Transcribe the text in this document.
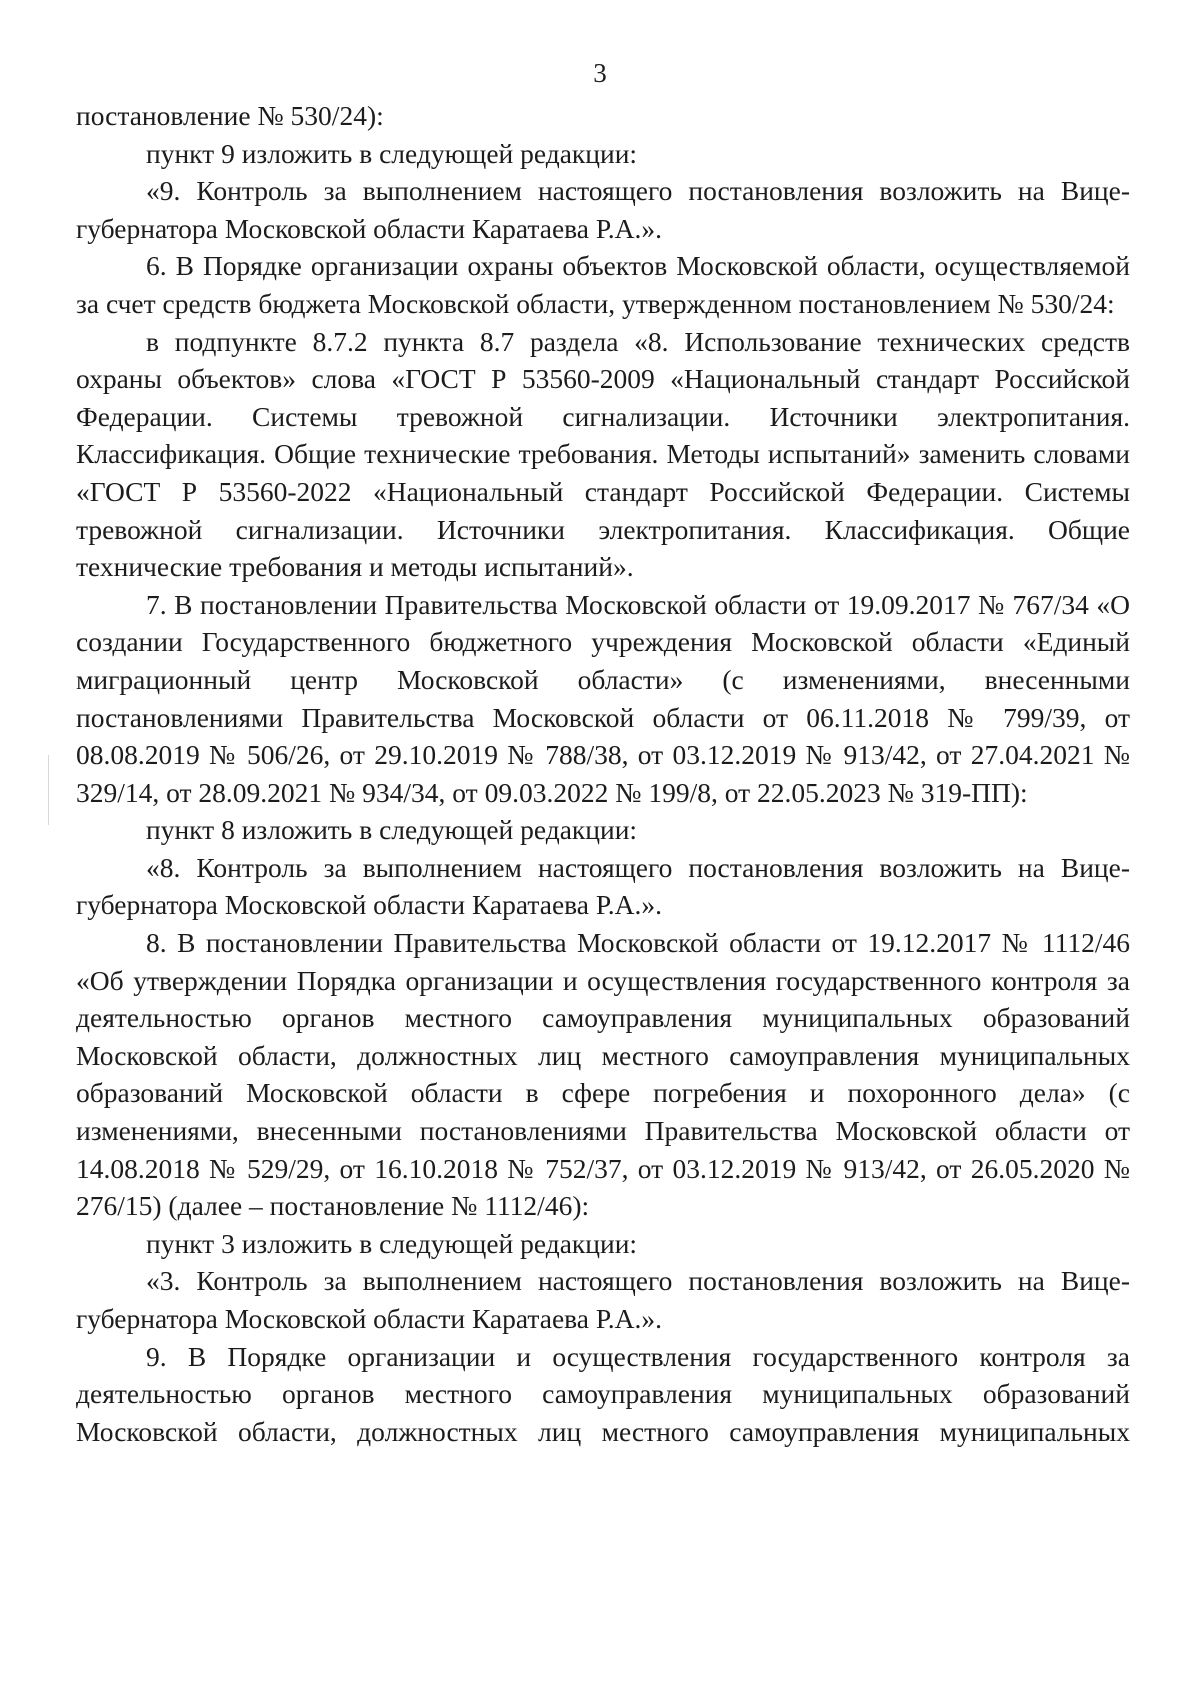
3

постановление № 530/24):

пункт 9 изложить в следующей редакции:

«9. Контроль за выполнением настоящего постановления возложить на Вице-губернатора Московской области Каратаева Р.А.».

6. В Порядке организации охраны объектов Московской области, осуществляемой за счет средств бюджета Московской области, утвержденном постановлением № 530/24:

в подпункте 8.7.2 пункта 8.7 раздела «8. Использование технических средств охраны объектов» слова «ГОСТ Р 53560-2009 «Национальный стандарт Российской Федерации. Системы тревожной сигнализации. Источники электропитания. Классификация. Общие технические требования. Методы испытаний» заменить словами «ГОСТ Р 53560-2022 «Национальный стандарт Российской Федерации. Системы тревожной сигнализации. Источники электропитания. Классификация. Общие технические требования и методы испытаний».

7. В постановлении Правительства Московской области от 19.09.2017 № 767/34 «О создании Государственного бюджетного учреждения Московской области «Единый миграционный центр Московской области» (с изменениями, внесенными постановлениями Правительства Московской области от 06.11.2018 № 799/39, от 08.08.2019 № 506/26, от 29.10.2019 № 788/38, от 03.12.2019 № 913/42, от 27.04.2021 № 329/14, от 28.09.2021 № 934/34, от 09.03.2022 № 199/8, от 22.05.2023 № 319-ПП):

пункт 8 изложить в следующей редакции:

«8. Контроль за выполнением настоящего постановления возложить на Вице-губернатора Московской области Каратаева Р.А.».

8. В постановлении Правительства Московской области от 19.12.2017 № 1112/46 «Об утверждении Порядка организации и осуществления государственного контроля за деятельностью органов местного самоуправления муниципальных образований Московской области, должностных лиц местного самоуправления муниципальных образований Московской области в сфере погребения и похоронного дела» (с изменениями, внесенными постановлениями Правительства Московской области от 14.08.2018 № 529/29, от 16.10.2018 № 752/37, от 03.12.2019 № 913/42, от 26.05.2020 № 276/15) (далее – постановление № 1112/46):

пункт 3 изложить в следующей редакции:

«3. Контроль за выполнением настоящего постановления возложить на Вице-губернатора Московской области Каратаева Р.А.».

9. В Порядке организации и осуществления государственного контроля за деятельностью органов местного самоуправления муниципальных образований Московской области, должностных лиц местного самоуправления муниципальных
